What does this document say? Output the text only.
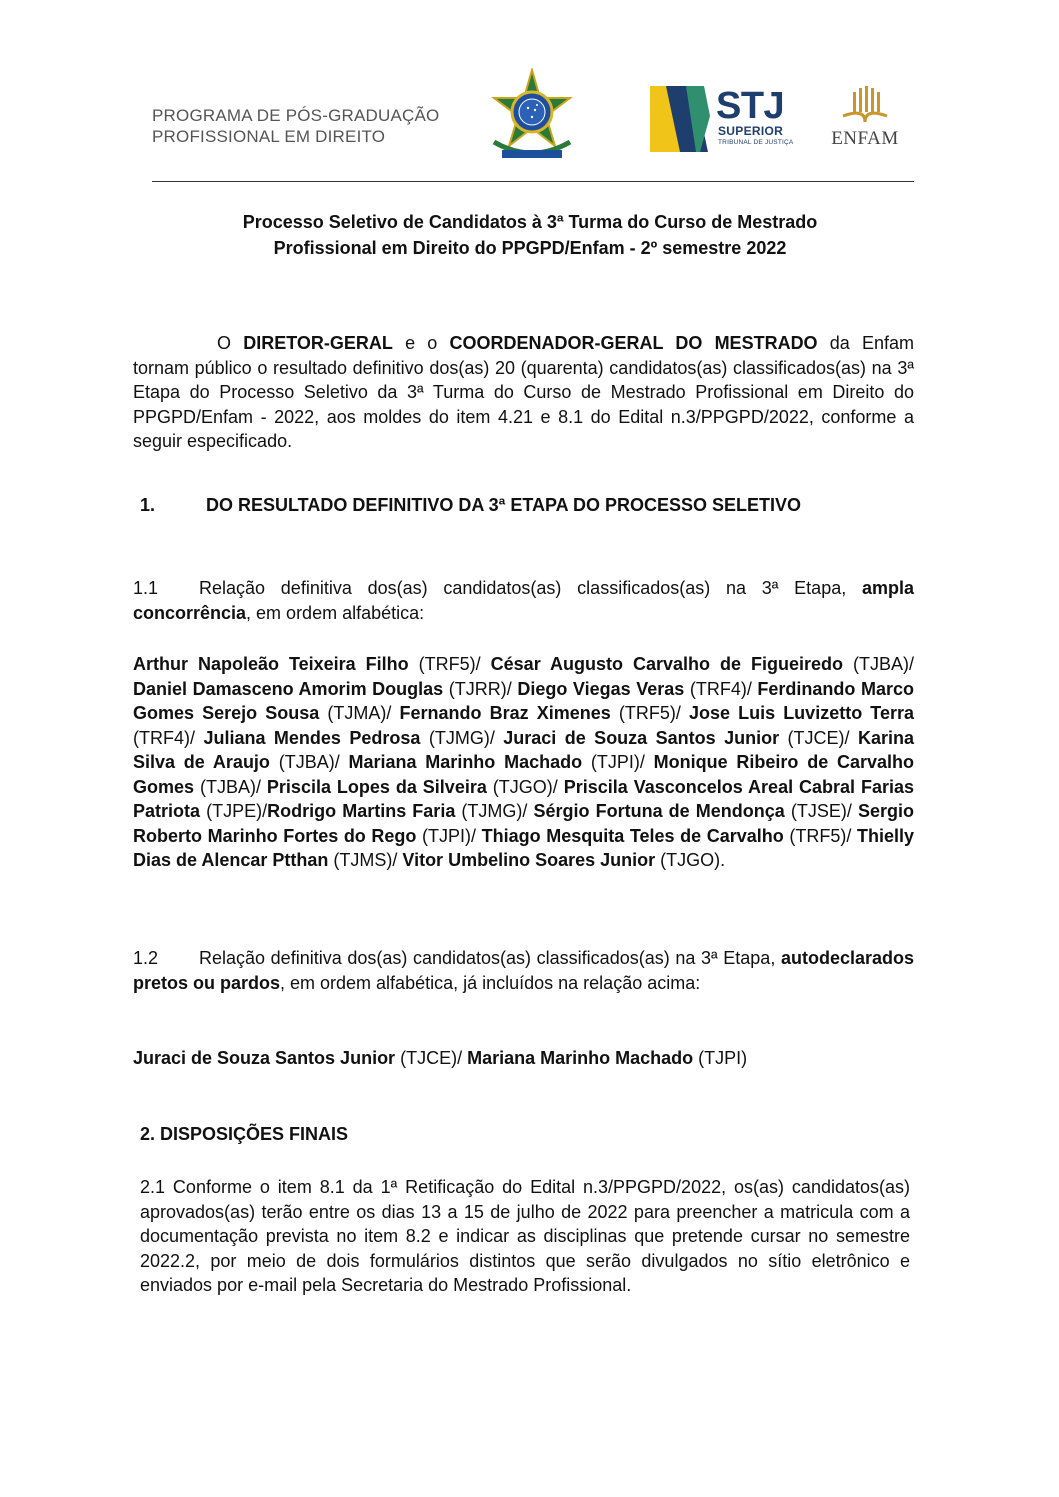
PROGRAMA DE PÓS-GRADUAÇÃO
PROFISSIONAL EM DIREITO
STJ
SUPERIOR
TRIBUNAL DE JUSTIÇA	ENFAM
Processo Seletivo de Candidatos à 3ª Turma do Curso de Mestrado
Profissional em Direito do PPGPD/Enfam - 2º semestre 2022
O DIRETOR-GERAL e o COORDENADOR-GERAL DO MESTRADO da Enfam tornam público o resultado definitivo dos(as) 20 (quarenta) candidatos(as) classificados(as) na 3ª Etapa do Processo Seletivo da 3ª Turma do Curso de Mestrado Profissional em Direito do PPGPD/Enfam - 2022, aos moldes do item 4.21 e 8.1 do Edital n.3/PPGPD/2022, conforme a seguir especificado.
1.	DO RESULTADO DEFINITIVO DA 3ª ETAPA DO PROCESSO SELETIVO
1.1 Relação definitiva dos(as) candidatos(as) classificados(as) na 3ª Etapa, ampla concorrência, em ordem alfabética:
Arthur Napoleão Teixeira Filho (TRF5)/ César Augusto Carvalho de Figueiredo (TJBA)/ Daniel Damasceno Amorim Douglas (TJRR)/ Diego Viegas Veras (TRF4)/ Ferdinando Marco Gomes Serejo Sousa (TJMA)/ Fernando Braz Ximenes (TRF5)/ Jose Luis Luvizetto Terra (TRF4)/ Juliana Mendes Pedrosa (TJMG)/ Juraci de Souza Santos Junior (TJCE)/ Karina Silva de Araujo (TJBA)/ Mariana Marinho Machado (TJPI)/ Monique Ribeiro de Carvalho Gomes (TJBA)/ Priscila Lopes da Silveira (TJGO)/ Priscila Vasconcelos Areal Cabral Farias Patriota (TJPE)/Rodrigo Martins Faria (TJMG)/ Sérgio Fortuna de Mendonça (TJSE)/ Sergio Roberto Marinho Fortes do Rego (TJPI)/ Thiago Mesquita Teles de Carvalho (TRF5)/ Thielly Dias de Alencar Ptthan (TJMS)/ Vitor Umbelino Soares Junior (TJGO).
1.2 Relação definitiva dos(as) candidatos(as) classificados(as) na 3ª Etapa, autodeclarados pretos ou pardos, em ordem alfabética, já incluídos na relação acima:
Juraci de Souza Santos Junior (TJCE)/ Mariana Marinho Machado (TJPI)
2. DISPOSIÇÕES FINAIS
2.1 Conforme o item 8.1 da 1ª Retificação do Edital n.3/PPGPD/2022, os(as) candidatos(as) aprovados(as) terão entre os dias 13 a 15 de julho de 2022 para preencher a matricula com a documentação prevista no item 8.2 e indicar as disciplinas que pretende cursar no semestre 2022.2, por meio de dois formulários distintos que serão divulgados no sítio eletrônico e enviados por e-mail pela Secretaria do Mestrado Profissional.
